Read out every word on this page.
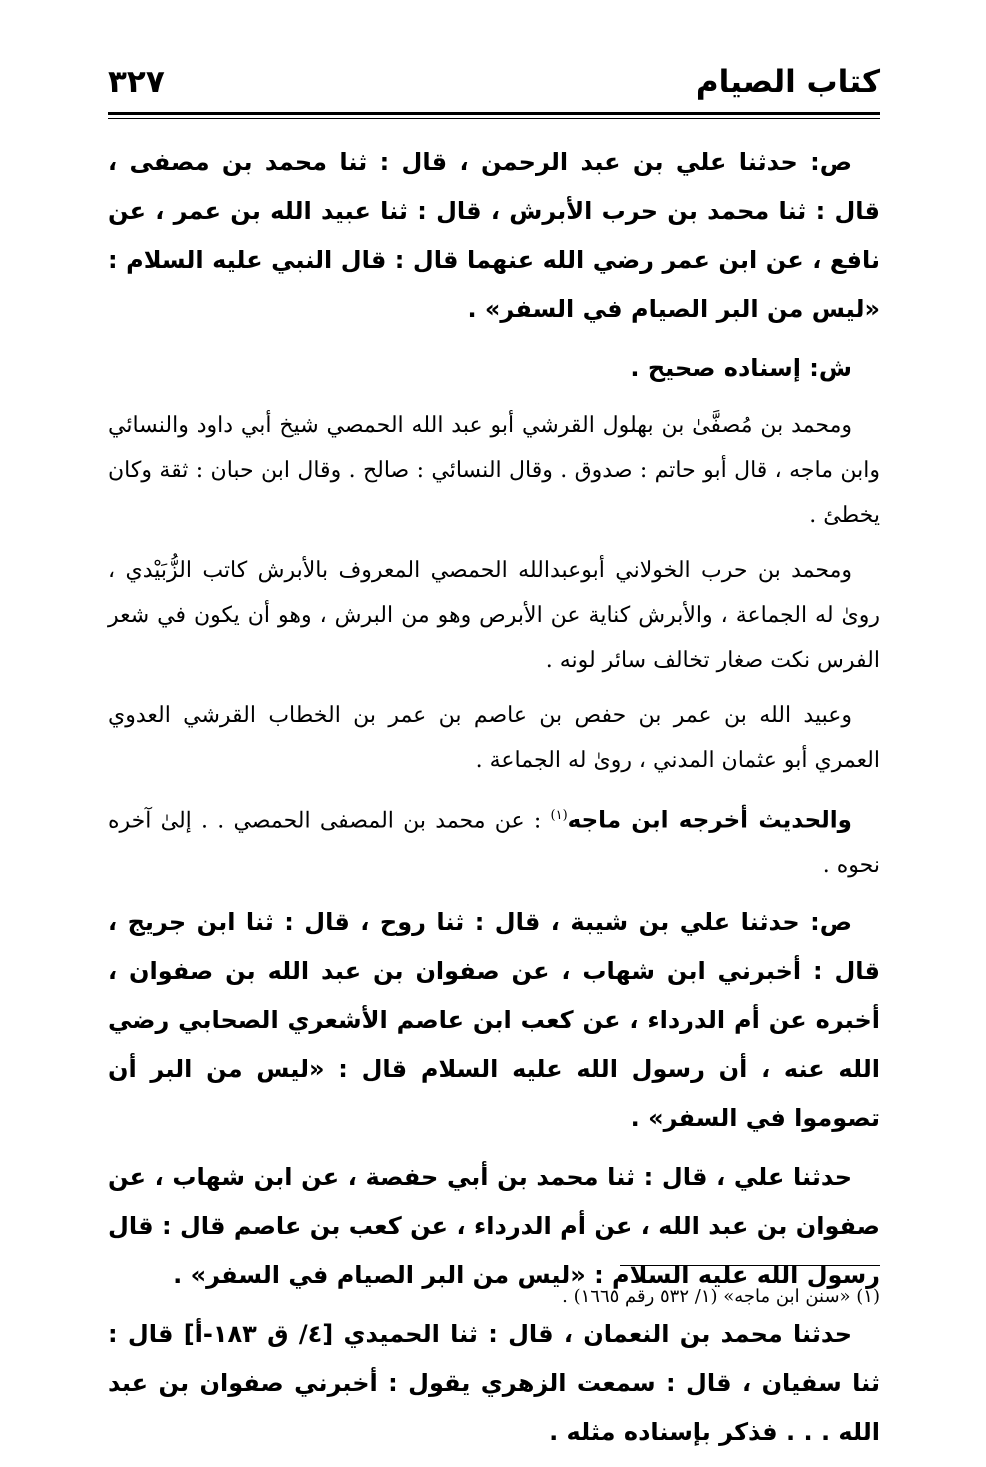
كتاب الصيام
٣٢٧

ص: حدثنا علي بن عبد الرحمن ، قال : ثنا محمد بن مصفى ، قال : ثنا محمد بن حرب الأبرش ، قال : ثنا عبيد الله بن عمر ، عن نافع ، عن ابن عمر رضي الله عنهما قال : قال النبي عليه السلام : «ليس من البر الصيام في السفر» .

ش: إسناده صحيح .

ومحمد بن مُصفَّىٰ بن بهلول القرشي أبو عبد الله الحمصي شيخ أبي داود والنسائي وابن ماجه ، قال أبو حاتم : صدوق . وقال النسائي : صالح . وقال ابن حبان : ثقة وكان يخطئ .

ومحمد بن حرب الخولاني أبوعبدالله الحمصي المعروف بالأبرش كاتب الزُّبَيْدي ، روىٰ له الجماعة ، والأبرش كناية عن الأبرص وهو من البرش ، وهو أن يكون في شعر الفرس نكت صغار تخالف سائر لونه .

وعبيد الله بن عمر بن حفص بن عاصم بن عمر بن الخطاب القرشي العدوي العمري أبو عثمان المدني ، روىٰ له الجماعة .

والحديث أخرجه ابن ماجه$^{(١)}$ : عن محمد بن المصفى الحمصي . . إلىٰ آخره نحوه .

ص: حدثنا علي بن شيبة ، قال : ثنا روح ، قال : ثنا ابن جريج ، قال : أخبرني ابن شهاب ، عن صفوان بن عبد الله بن صفوان ، أخبره عن أم الدرداء ، عن كعب ابن عاصم الأشعري الصحابي رضي الله عنه ، أن رسول الله عليه السلام قال : «ليس من البر أن تصوموا في السفر» .

حدثنا علي ، قال : ثنا محمد بن أبي حفصة ، عن ابن شهاب ، عن صفوان بن عبد الله ، عن أم الدرداء ، عن كعب بن عاصم قال : قال رسول الله عليه السلام : «ليس من البر الصيام في السفر» .

حدثنا محمد بن النعمان ، قال : ثنا الحميدي [٤/ ق ١٨٣-أ] قال : ثنا سفيان ، قال : سمعت الزهري يقول : أخبرني صفوان بن عبد الله . . . فذكر بإسناده مثله .

(١) «سنن ابن ماجه» (١/ ٥٣٢ رقم ١٦٦٥) .
